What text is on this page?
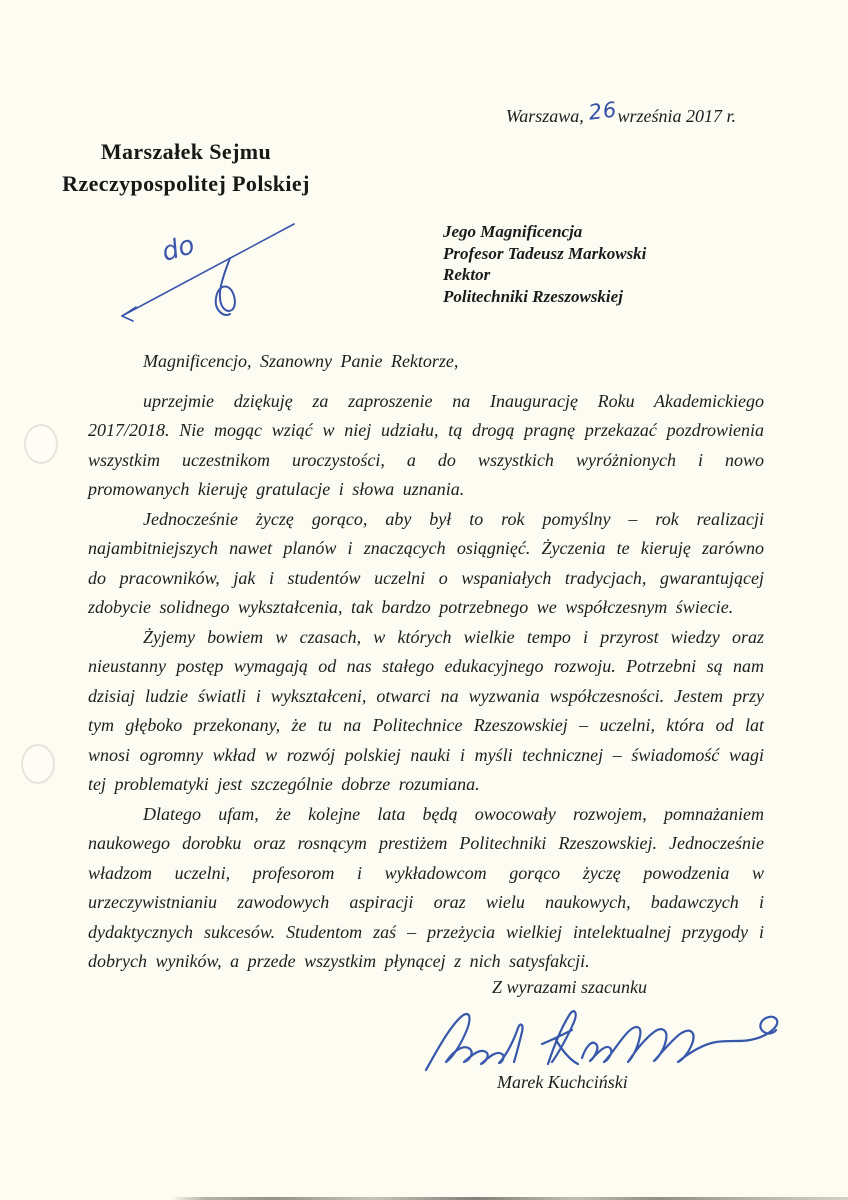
Warszawa, 26września 2017 r.
Marszałek Sejmu
Rzeczypospolitej Polskiej
do	Jego Magnificencja
Profesor Tadeusz Markowski
Rektor
Politechniki Rzeszowskiej

Magnificencjo, Szanowny Panie Rektorze,

uprzejmie dziękuję za zaproszenie na Inaugurację Roku Akademickiego 2017/2018. Nie mogąc wziąć w niej udziału, tą drogą pragnę przekazać pozdrowienia wszystkim uczestnikom uroczystości, a do wszystkich wyróżnionych i nowo promowanych kieruję gratulacje i słowa uznania.

Jednocześnie życzę gorąco, aby był to rok pomyślny – rok realizacji najambitniejszych nawet planów i znaczących osiągnięć. Życzenia te kieruję zarówno do pracowników, jak i studentów uczelni o wspaniałych tradycjach, gwarantującej zdobycie solidnego wykształcenia, tak bardzo potrzebnego we współczesnym świecie.

Żyjemy bowiem w czasach, w których wielkie tempo i przyrost wiedzy oraz nieustanny postęp wymagają od nas stałego edukacyjnego rozwoju. Potrzebni są nam dzisiaj ludzie światli i wykształceni, otwarci na wyzwania współczesności. Jestem przy tym głęboko przekonany, że tu na Politechnice Rzeszowskiej – uczelni, która od lat wnosi ogromny wkład w rozwój polskiej nauki i myśli technicznej – świadomość wagi tej problematyki jest szczególnie dobrze rozumiana.

Dlatego ufam, że kolejne lata będą owocowały rozwojem, pomnażaniem naukowego dorobku oraz rosnącym prestiżem Politechniki Rzeszowskiej. Jednocześnie władzom uczelni, profesorom i wykładowcom gorąco życzę powodzenia w urzeczywistnianiu zawodowych aspiracji oraz wielu naukowych, badawczych i dydaktycznych sukcesów. Studentom zaś – przeżycia wielkiej intelektualnej przygody i dobrych wyników, a przede wszystkim płynącej z nich satysfakcji.

Z wyrazami szacunku
Marek Kuchciński
